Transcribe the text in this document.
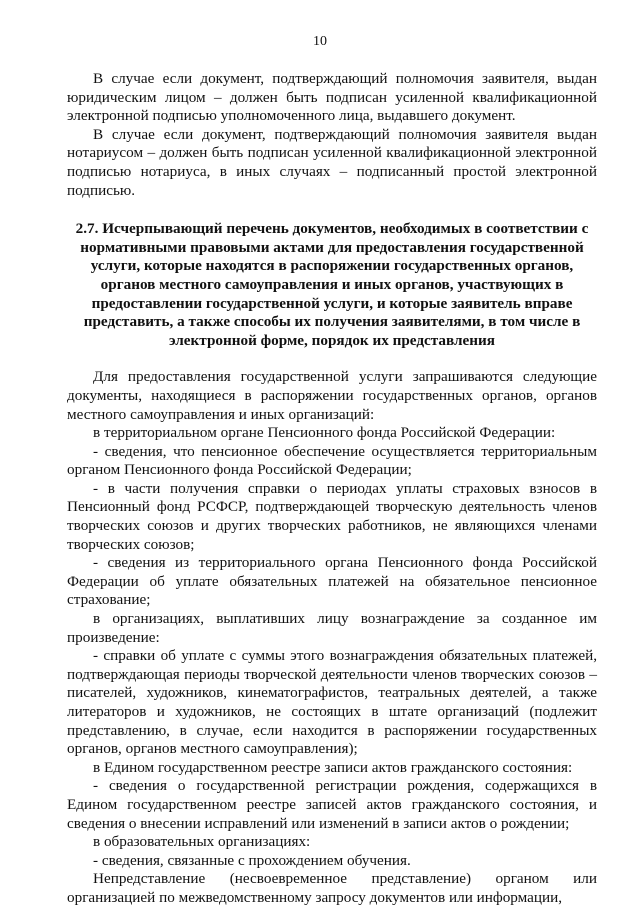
10

В случае если документ, подтверждающий полномочия заявителя, выдан юридическим лицом – должен быть подписан усиленной квалификационной электронной подписью уполномоченного лица, выдавшего документ.

В случае если документ, подтверждающий полномочия заявителя выдан нотариусом – должен быть подписан усиленной квалификационной электронной подписью нотариуса, в иных случаях – подписанный простой электронной подписью.

2.7. Исчерпывающий перечень документов, необходимых в соответствии с нормативными правовыми актами для предоставления государственной услуги, которые находятся в распоряжении государственных органов, органов местного самоуправления и иных органов, участвующих в предоставлении государственной услуги, и которые заявитель вправе представить, а также способы их получения заявителями, в том числе в электронной форме, порядок их представления

Для предоставления государственной услуги запрашиваются следующие документы, находящиеся в распоряжении государственных органов, органов местного самоуправления и иных организаций:

в территориальном органе Пенсионного фонда Российской Федерации:

- сведения, что пенсионное обеспечение осуществляется территориальным органом Пенсионного фонда Российской Федерации;

- в части получения справки о периодах уплаты страховых взносов в Пенсионный фонд РСФСР, подтверждающей творческую деятельность членов творческих союзов и других творческих работников, не являющихся членами творческих союзов;

- сведения из территориального органа Пенсионного фонда Российской Федерации об уплате обязательных платежей на обязательное пенсионное страхование;

в организациях, выплативших лицу вознаграждение за созданное им произведение:

- справки об уплате с суммы этого вознаграждения обязательных платежей, подтверждающая периоды творческой деятельности членов творческих союзов – писателей, художников, кинематографистов, театральных деятелей, а также литераторов и художников, не состоящих в штате организаций (подлежит представлению, в случае, если находится в распоряжении государственных органов, органов местного самоуправления);

в Едином государственном реестре записи актов гражданского состояния:

- сведения о государственной регистрации рождения, содержащихся в Едином государственном реестре записей актов гражданского состояния, и сведения о внесении исправлений или изменений в записи актов о рождении;

в образовательных организациях:

- сведения, связанные с прохождением обучения.

Непредставление (несвоевременное представление) органом или организацией по межведомственному запросу документов или информации,
